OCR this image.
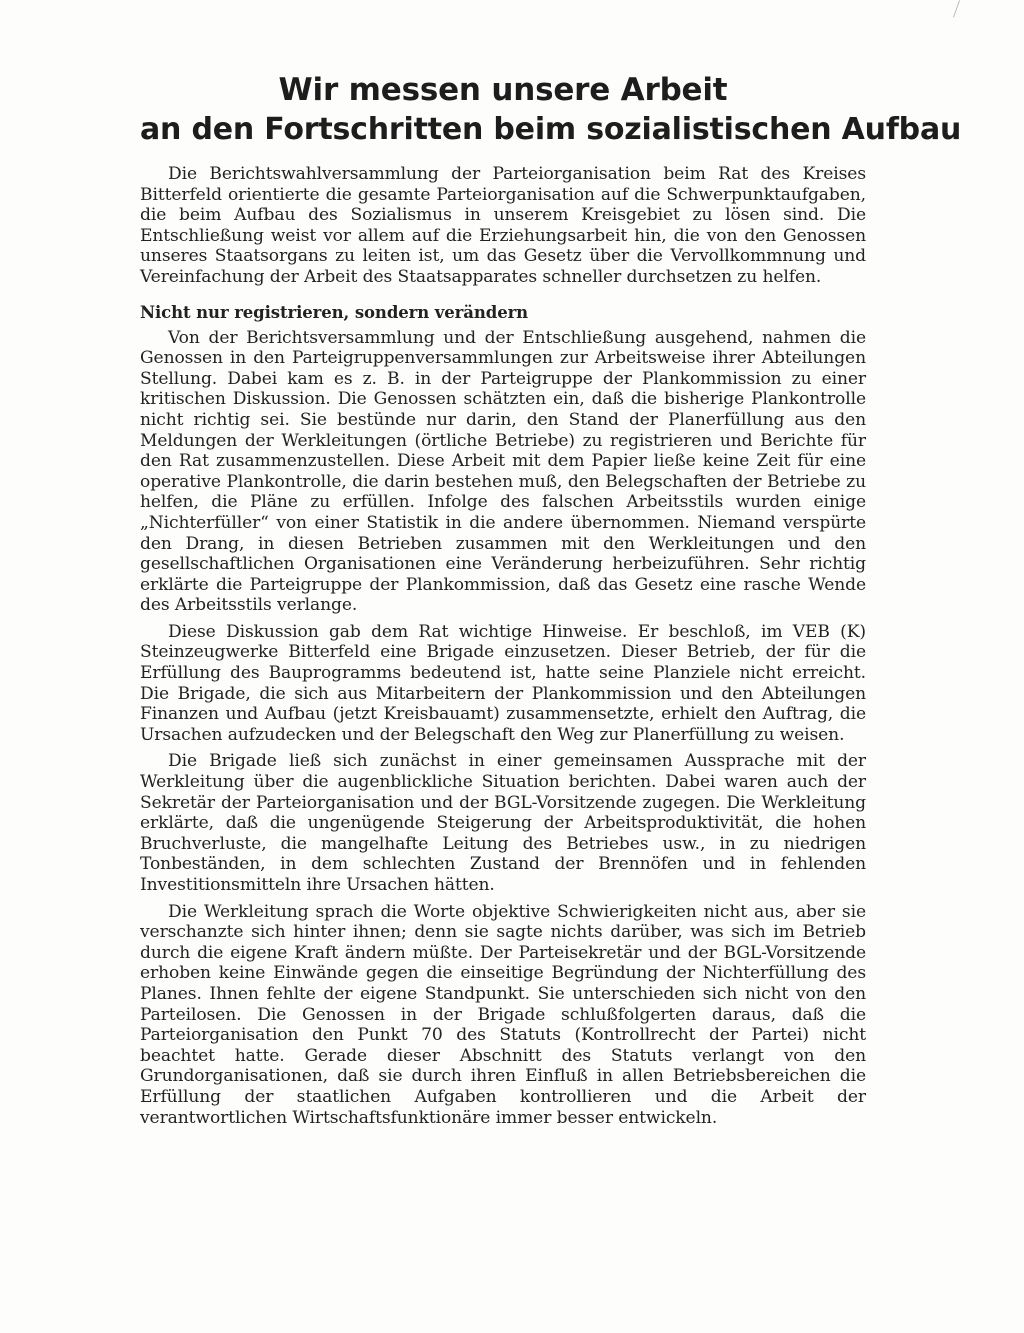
Wir messen unsere Arbeit
an den Fortschritten beim sozialistischen Aufbau

Die Berichtswahlversammlung der Parteiorganisation beim Rat des Kreises Bitterfeld orientierte die gesamte Parteiorganisation auf die Schwerpunktaufgaben, die beim Aufbau des Sozialismus in unserem Kreisgebiet zu lösen sind. Die Entschließung weist vor allem auf die Erziehungsarbeit hin, die von den Genossen unseres Staatsorgans zu leiten ist, um das Gesetz über die Vervollkommnung und Vereinfachung der Arbeit des Staatsapparates schneller durchsetzen zu helfen.

Nicht nur registrieren, sondern verändern

Von der Berichtsversammlung und der Entschließung ausgehend, nahmen die Genossen in den Parteigruppenversammlungen zur Arbeitsweise ihrer Abteilungen Stellung. Dabei kam es z. B. in der Parteigruppe der Plankommission zu einer kritischen Diskussion. Die Genossen schätzten ein, daß die bisherige Plankontrolle nicht richtig sei. Sie bestünde nur darin, den Stand der Planerfüllung aus den Meldungen der Werkleitungen (örtliche Betriebe) zu registrieren und Berichte für den Rat zusammenzustellen. Diese Arbeit mit dem Papier ließe keine Zeit für eine operative Plankontrolle, die darin bestehen muß, den Belegschaften der Betriebe zu helfen, die Pläne zu erfüllen. Infolge des falschen Arbeitsstils wurden einige „Nichterfüller“ von einer Statistik in die andere übernommen. Niemand verspürte den Drang, in diesen Betrieben zusammen mit den Werkleitungen und den gesellschaftlichen Organisationen eine Veränderung herbeizuführen. Sehr richtig erklärte die Parteigruppe der Plankommission, daß das Gesetz eine rasche Wende des Arbeitsstils verlange.

Diese Diskussion gab dem Rat wichtige Hinweise. Er beschloß, im VEB (K) Steinzeugwerke Bitterfeld eine Brigade einzusetzen. Dieser Betrieb, der für die Erfüllung des Bauprogramms bedeutend ist, hatte seine Planziele nicht erreicht. Die Brigade, die sich aus Mitarbeitern der Plankommission und den Abteilungen Finanzen und Aufbau (jetzt Kreisbauamt) zusammensetzte, erhielt den Auftrag, die Ursachen aufzudecken und der Belegschaft den Weg zur Planerfüllung zu weisen.

Die Brigade ließ sich zunächst in einer gemeinsamen Aussprache mit der Werkleitung über die augenblickliche Situation berichten. Dabei waren auch der Sekretär der Parteiorganisation und der BGL-Vorsitzende zugegen. Die Werkleitung erklärte, daß die ungenügende Steigerung der Arbeitsproduktivität, die hohen Bruchverluste, die mangelhafte Leitung des Betriebes usw., in zu niedrigen Tonbeständen, in dem schlechten Zustand der Brennöfen und in fehlenden Investitionsmitteln ihre Ursachen hätten.

Die Werkleitung sprach die Worte objektive Schwierigkeiten nicht aus, aber sie verschanzte sich hinter ihnen; denn sie sagte nichts darüber, was sich im Betrieb durch die eigene Kraft ändern müßte. Der Parteisekretär und der BGL-Vorsitzende erhoben keine Einwände gegen die einseitige Begründung der Nichterfüllung des Planes. Ihnen fehlte der eigene Standpunkt. Sie unterschieden sich nicht von den Parteilosen. Die Genossen in der Brigade schlußfolgerten daraus, daß die Parteiorganisation den Punkt 70 des Statuts (Kontrollrecht der Partei) nicht beachtet hatte. Gerade dieser Abschnitt des Statuts verlangt von den Grundorganisationen, daß sie durch ihren Einfluß in allen Betriebsbereichen die Erfüllung der staatlichen Aufgaben kontrollieren und die Arbeit der verantwortlichen Wirtschaftsfunktionäre immer besser entwickeln.
